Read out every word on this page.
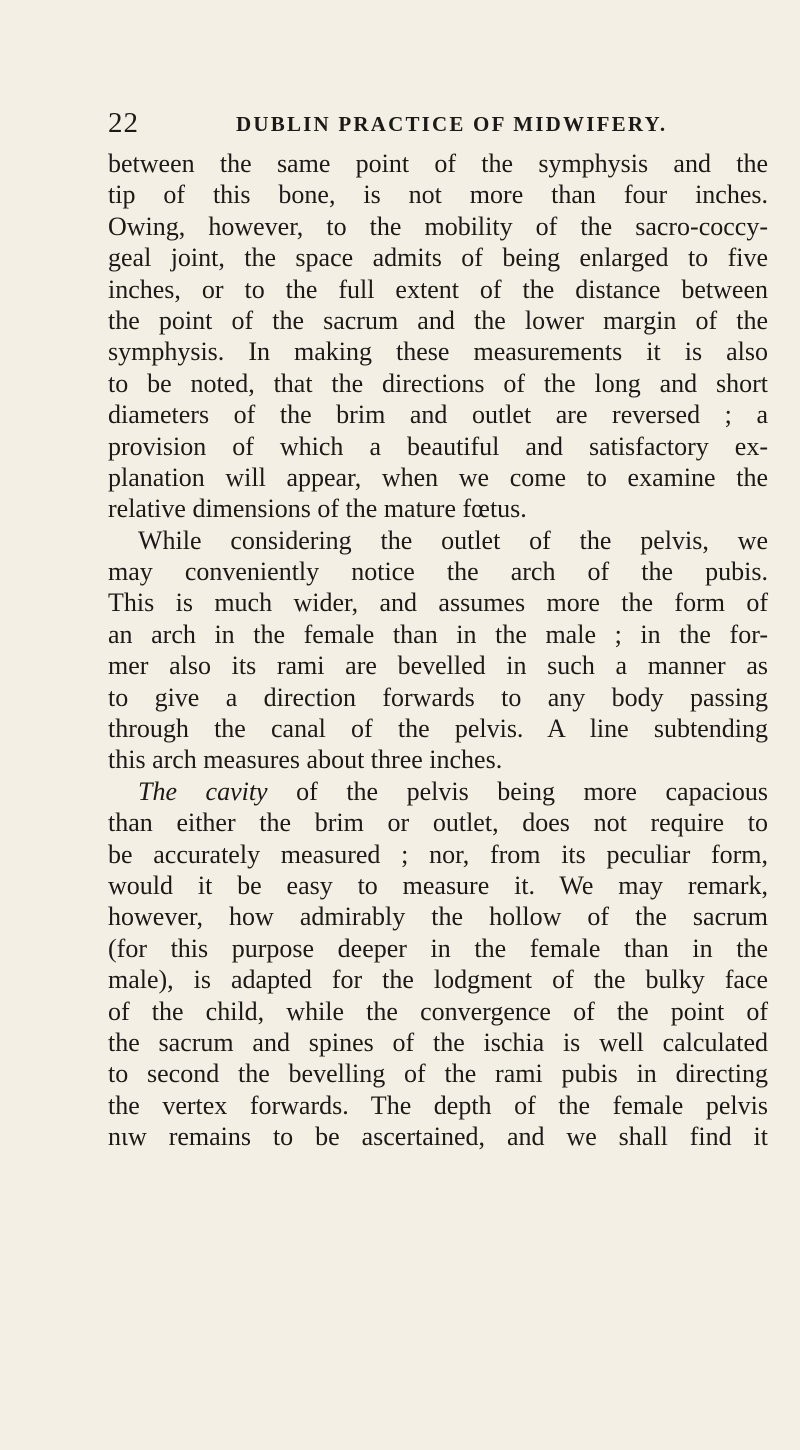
22	DUBLIN PRACTICE OF MIDWIFERY.
between the same point of the symphysis and the
tip of this bone, is not more than four inches.
Owing, however, to the mobility of the sacro-coccy-
geal joint, the space admits of being enlarged to five
inches, or to the full extent of the distance between
the point of the sacrum and the lower margin of the
symphysis. In making these measurements it is also
to be noted, that the directions of the long and short
diameters of the brim and outlet are reversed ; a
provision of which a beautiful and satisfactory ex-
planation will appear, when we come to examine the
relative dimensions of the mature fœtus.
While considering the outlet of the pelvis, we
may conveniently notice the arch of the pubis.
This is much wider, and assumes more the form of
an arch in the female than in the male ; in the for-
mer also its rami are bevelled in such a manner as
to give a direction forwards to any body passing
through the canal of the pelvis. A line subtending
this arch measures about three inches.
The cavity of the pelvis being more capacious
than either the brim or outlet, does not require to
be accurately measured ; nor, from its peculiar form,
would it be easy to measure it. We may remark,
however, how admirably the hollow of the sacrum
(for this purpose deeper in the female than in the
male), is adapted for the lodgment of the bulky face
of the child, while the convergence of the point of
the sacrum and spines of the ischia is well calculated
to second the bevelling of the rami pubis in directing
the vertex forwards. The depth of the female pelvis
nɩw remains to be ascertained, and we shall find it
